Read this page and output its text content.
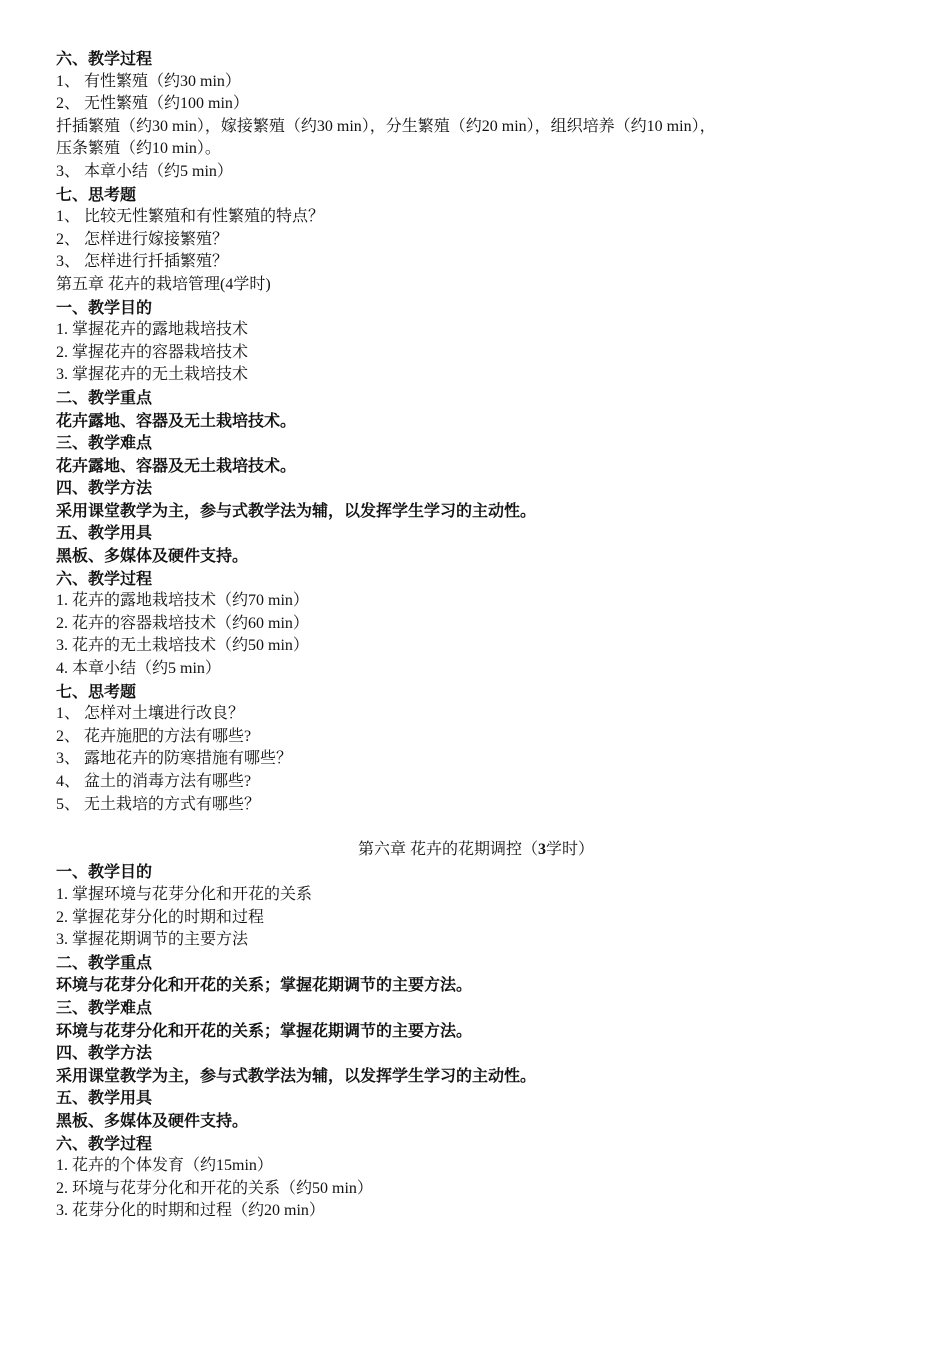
六、教学过程
1、 有性繁殖（约30 min）
2、 无性繁殖（约100 min）
扦插繁殖（约30 min），嫁接繁殖（约30 min），分生繁殖（约20 min），组织培养（约10 min），
压条繁殖（约10 min）。
3、 本章小结（约5 min）
七、思考题
1、 比较无性繁殖和有性繁殖的特点？
2、 怎样进行嫁接繁殖？
3、 怎样进行扦插繁殖？
第五章 花卉的栽培管理(4学时)
一、教学目的
1. 掌握花卉的露地栽培技术
2. 掌握花卉的容器栽培技术
3. 掌握花卉的无土栽培技术
二、教学重点
花卉露地、容器及无土栽培技术。
三、教学难点
花卉露地、容器及无土栽培技术。
四、教学方法
采用课堂教学为主，参与式教学法为辅，以发挥学生学习的主动性。
五、教学用具
黑板、多媒体及硬件支持。
六、教学过程
1. 花卉的露地栽培技术（约70 min）
2. 花卉的容器栽培技术（约60 min）
3. 花卉的无土栽培技术（约50 min）
4. 本章小结（约5 min）
七、思考题
1、 怎样对土壤进行改良？
2、 花卉施肥的方法有哪些?
3、 露地花卉的防寒措施有哪些？
4、 盆土的消毒方法有哪些?
5、 无土栽培的方式有哪些？
第六章 花卉的花期调控（3学时）
一、教学目的
1. 掌握环境与花芽分化和开花的关系
2. 掌握花芽分化的时期和过程
3. 掌握花期调节的主要方法
二、教学重点
环境与花芽分化和开花的关系；掌握花期调节的主要方法。
三、教学难点
环境与花芽分化和开花的关系；掌握花期调节的主要方法。
四、教学方法
采用课堂教学为主，参与式教学法为辅，以发挥学生学习的主动性。
五、教学用具
黑板、多媒体及硬件支持。
六、教学过程
1. 花卉的个体发育（约15min）
2. 环境与花芽分化和开花的关系（约50 min）
3. 花芽分化的时期和过程（约20 min）
